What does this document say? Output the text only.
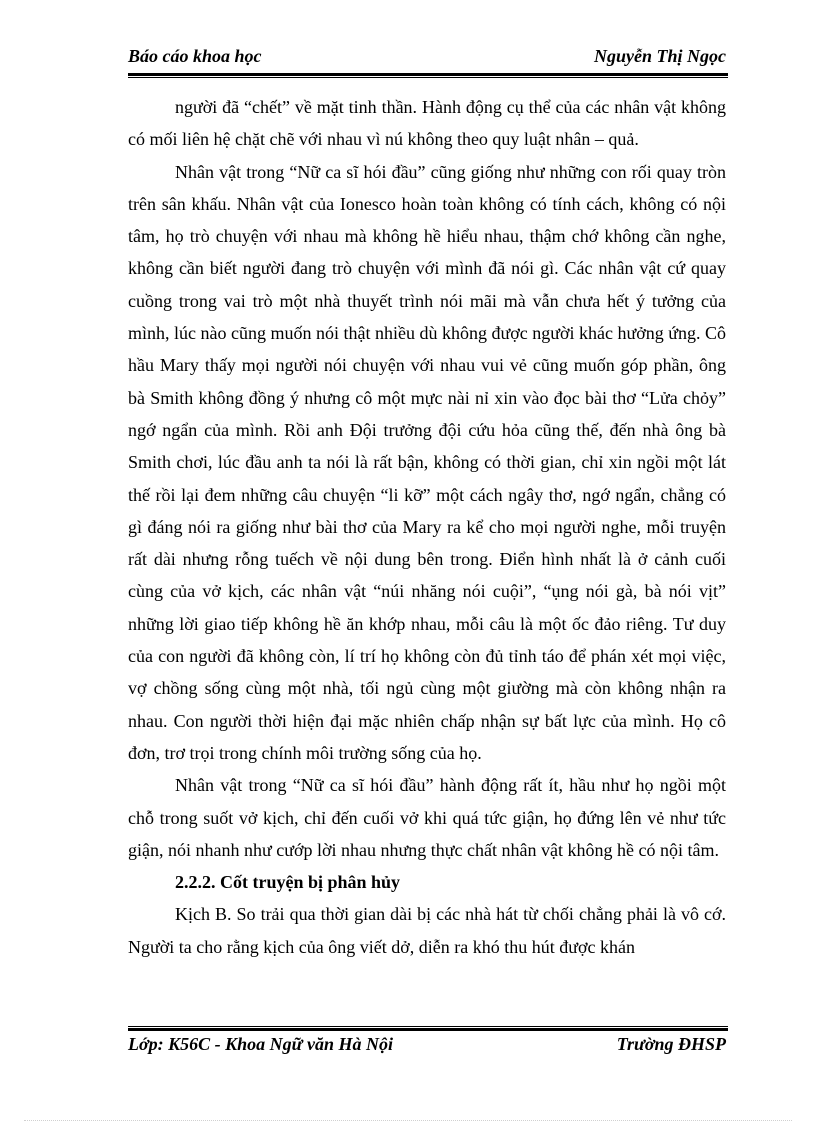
Báo cáo khoa học	Nguyễn Thị Ngọc

người đã “chết” về mặt tinh thần. Hành động cụ thể của các nhân vật không có mối liên hệ chặt chẽ với nhau vì nú không theo quy luật nhân – quả.

Nhân vật trong “Nữ ca sĩ hói đầu” cũng giống như những con rối quay tròn trên sân khấu. Nhân vật của Ionesco hoàn toàn không có tính cách, không có nội tâm, họ trò chuyện với nhau mà không hề hiểu nhau, thậm chớ không cần nghe, không cần biết người đang trò chuyện với mình đã nói gì. Các nhân vật cứ quay cuồng trong vai trò một nhà thuyết trình nói mãi mà vẫn chưa hết ý tưởng của mình, lúc nào cũng muốn nói thật nhiều dù không được người khác hưởng ứng. Cô hầu Mary thấy mọi người nói chuyện với nhau vui vẻ cũng muốn góp phần, ông bà Smith không đồng ý nhưng cô một mực nài nỉ xin vào đọc bài thơ “Lửa chỏy” ngớ ngẩn của mình. Rồi anh Đội trưởng đội cứu hỏa cũng thế, đến nhà ông bà Smith chơi, lúc đầu anh ta nói là rất bận, không có thời gian, chỉ xin ngồi một lát thế rồi lại đem những câu chuyện “li kỡ” một cách ngây thơ, ngớ ngẩn, chẳng có gì đáng nói ra giống như bài thơ của Mary ra kể cho mọi người nghe, mỗi truyện rất dài nhưng rỗng tuếch về nội dung bên trong. Điển hình nhất là ở cảnh cuối cùng của vở kịch, các nhân vật “núi nhăng nói cuội”, “ụng nói gà, bà nói vịt” những lời giao tiếp không hề ăn khớp nhau, mỗi câu là một ốc đảo riêng. Tư duy của con người đã không còn, lí trí họ không còn đủ tỉnh táo để phán xét mọi việc, vợ chồng sống cùng một nhà, tối ngủ cùng một giường mà còn không nhận ra nhau. Con người thời hiện đại mặc nhiên chấp nhận sự bất lực của mình. Họ cô đơn, trơ trọi trong chính môi trường sống của họ.

Nhân vật trong “Nữ ca sĩ hói đầu” hành động rất ít, hầu như họ ngồi một chỗ trong suốt vở kịch, chỉ đến cuối vở khi quá tức giận, họ đứng lên vẻ như tức giận, nói nhanh như cướp lời nhau nhưng thực chất nhân vật không hề có nội tâm.

2.2.2. Cốt truyện bị phân hủy

Kịch B. So trải qua thời gian dài bị các nhà hát từ chối chẳng phải là vô cớ. Người ta cho rằng kịch của ông viết dở, diễn ra khó thu hút được khán

Lớp: K56C - Khoa Ngữ văn Hà Nội	Trường ĐHSP
